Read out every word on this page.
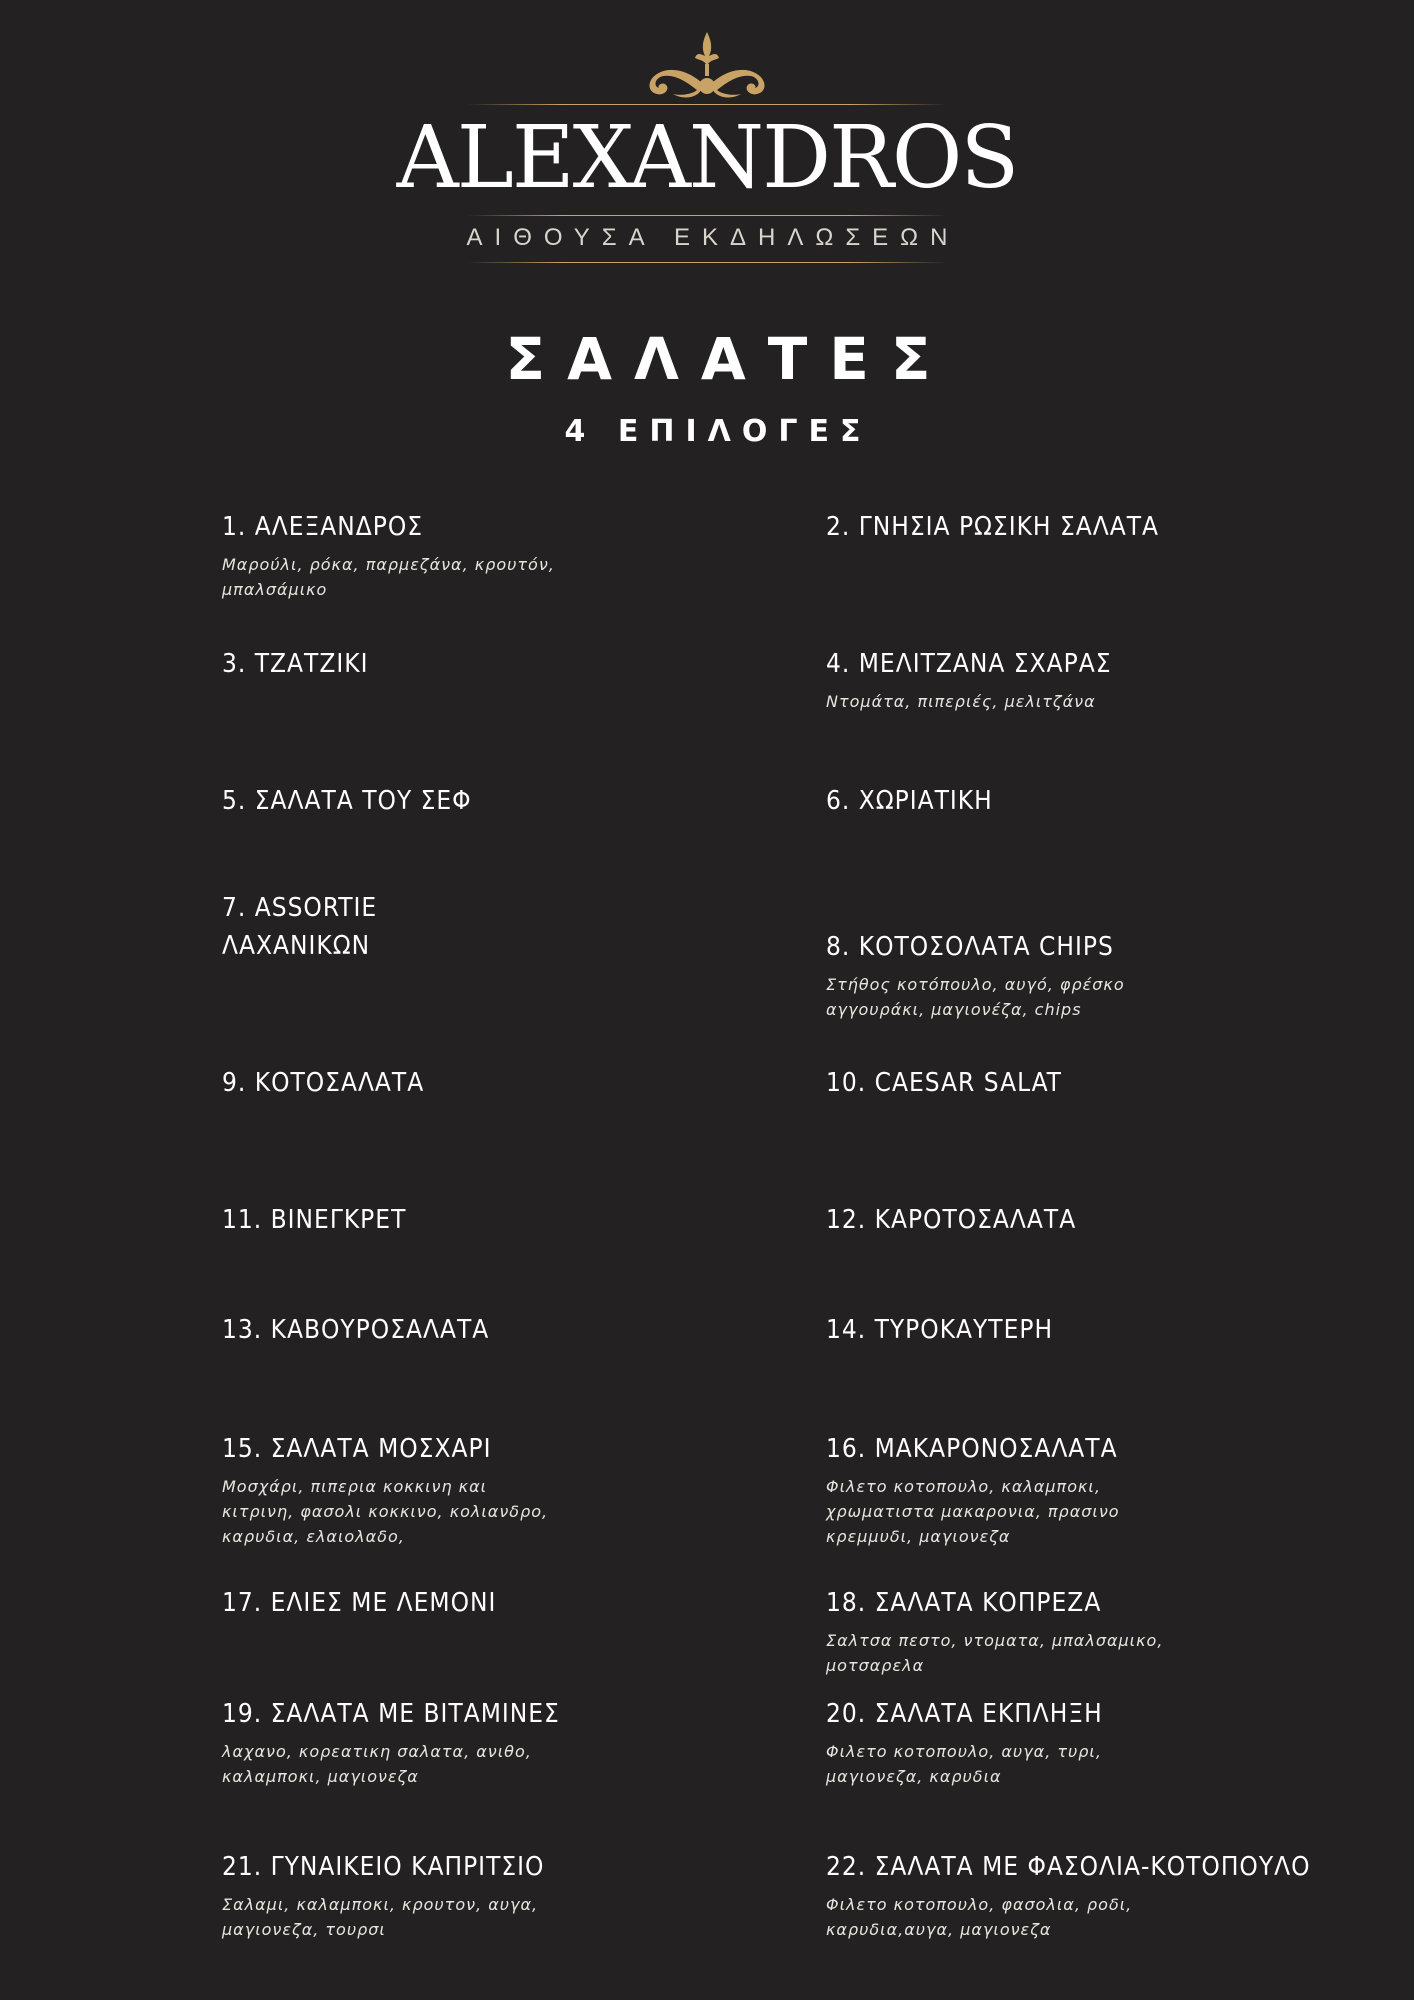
ALEXANDROS
ΑΙΘΟΥΣΑ ΕΚΔΗΛΩΣΕΩΝ
ΣΑΛΑΤΕΣ
4 ΕΠΙΛΟΓΕΣ
1. ΑΛΕΞΑΝΔΡΟΣ
Μαρούλι, ρόκα, παρμεζάνα, κρουτόν, μπαλσάμικο
3. ΤΖΑΤΖΙΚΙ
5. ΣΑΛΑΤΑ ΤΟΥ ΣΕΦ
7. ASSORTIE ΛΑΧΑΝΙΚΩΝ
9. ΚΟΤΟΣΑΛΑΤΑ
11. ΒΙΝΕΓΚΡΕΤ
13. ΚΑΒΟΥΡΟΣΑΛΑΤΑ
15. ΣΑΛΑΤΑ ΜΟΣΧΑΡΙ
Μοσχάρι, πιπερια κοκκινη και κιτρινη, φασολι κοκκινο, κολιανδρο, καρυδια, ελαιολαδο,
17. ΕΛΙΕΣ ΜΕ ΛΕΜΟΝΙ
19. ΣΑΛΑΤΑ ΜΕ ΒΙΤΑΜΙΝΕΣ
λαχανο, κορεατικη σαλατα, ανιθο, καλαμποκι, μαγιονεζα
21. ΓΥΝΑΙΚΕΙΟ ΚΑΠΡΙΤΣΙΟ
Σαλαμι, καλαμποκι, κρουτον, αυγα, μαγιονεζα, τουρσι
2. ΓΝΗΣΙΑ ΡΩΣΙΚΗ ΣΑΛΑΤΑ
4. ΜΕΛΙΤΖΑΝΑ ΣΧΑΡΑΣ
Ντομάτα, πιπεριές, μελιτζάνα
6. ΧΩΡΙΑΤΙΚΗ
8. ΚΟΤΟΣΟΛΑΤΑ CHIPS
Στήθος κοτόπουλο, αυγό, φρέσκο αγγουράκι, μαγιονέζα, chips
10. CAESAR SALAT
12. ΚΑΡΟΤΟΣΑΛΑΤΑ
14. ΤΥΡΟΚΑΥΤΕΡΗ
16. ΜΑΚΑΡΟΝΟΣΑΛΑΤΑ
Φιλετο κοτοπουλο, καλαμποκι, χρωματιστα μακαρονια, πρασινο κρεμμυδι, μαγιονεζα
18. ΣΑΛΑΤΑ ΚΟΠΡΕΖΑ
Σαλτσα πεστο, ντοματα, μπαλσαμικο, μοτσαρελα
20. ΣΑΛΑΤΑ ΕΚΠΛΗΞΗ
Φιλετο κοτοπουλο, αυγα, τυρι, μαγιονεζα, καρυδια
22. ΣΑΛΑΤΑ ΜΕ ΦΑΣΟΛΙΑ-ΚΟΤΟΠΟΥΛΟ
Φιλετο κοτοπουλο, φασολια, ροδι, καρυδια,αυγα, μαγιονεζα
